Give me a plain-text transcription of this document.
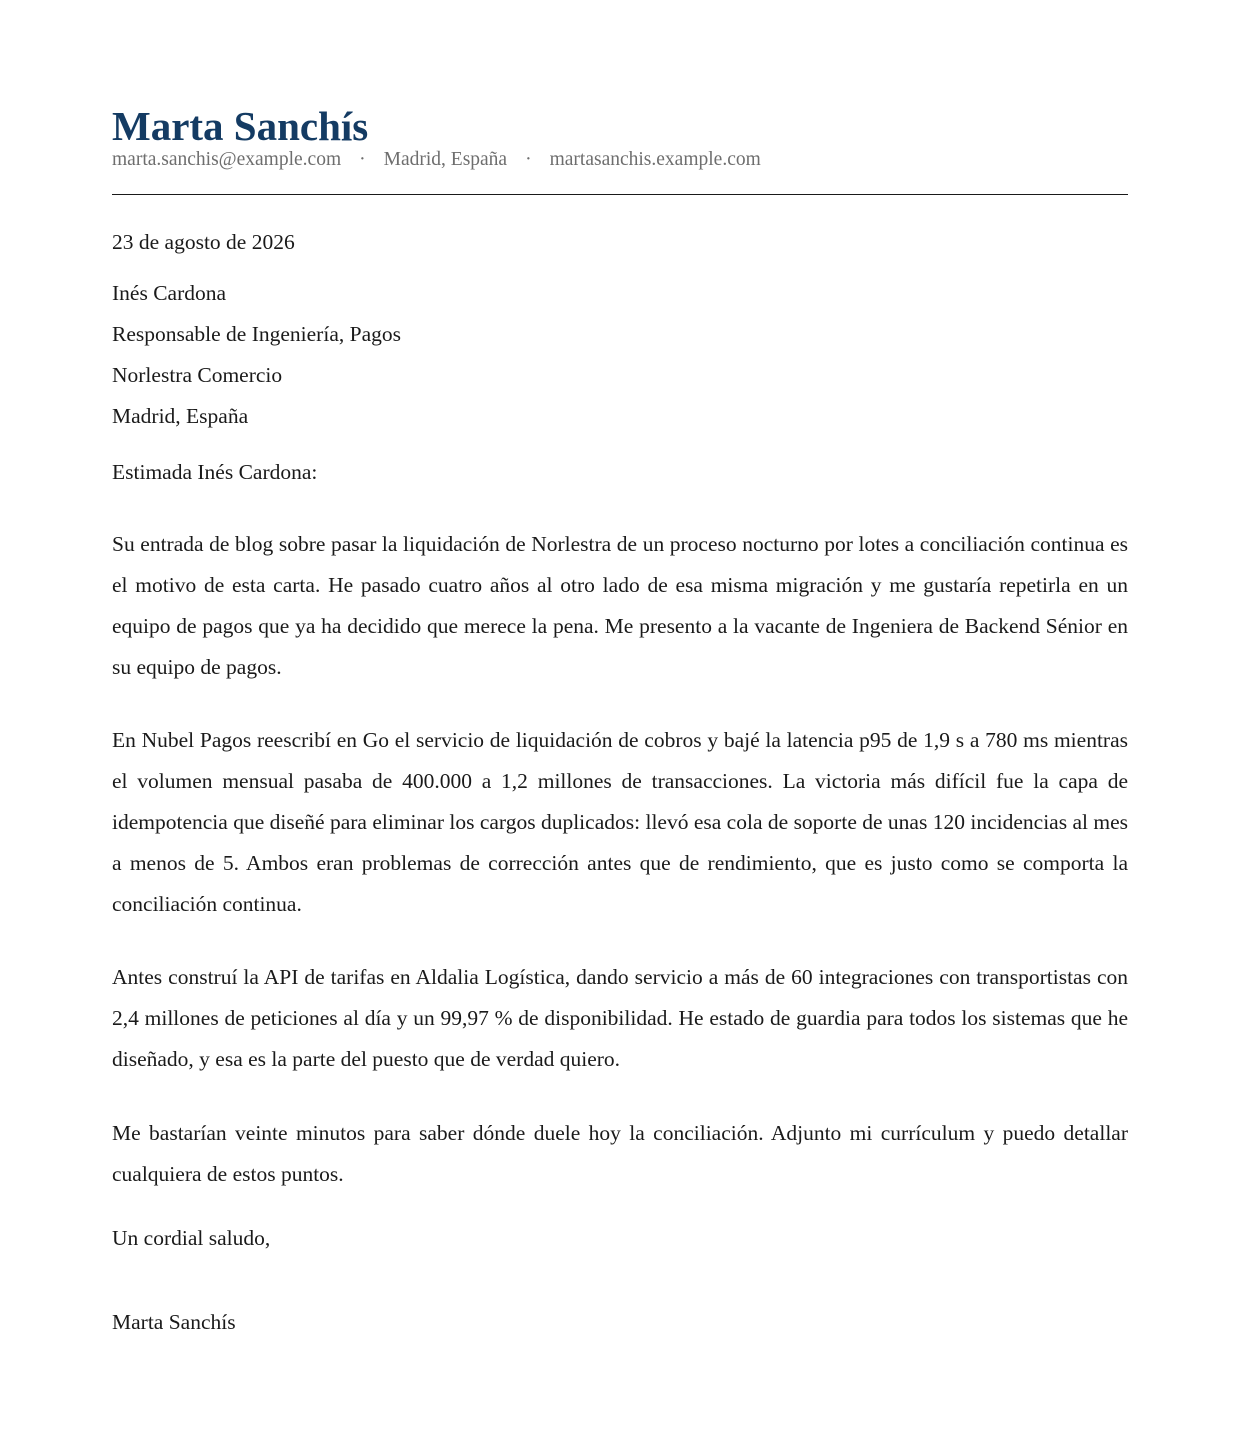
Marta Sanchís
marta.sanchis@example.com · Madrid, España · martasanchis.example.com
23 de agosto de 2026
Inés Cardona
Responsable de Ingeniería, Pagos
Norlestra Comercio
Madrid, España
Estimada Inés Cardona:

Su entrada de blog sobre pasar la liquidación de Norlestra de un proceso nocturno por lotes a conciliación continua es el motivo de esta carta. He pasado cuatro años al otro lado de esa misma migración y me gustaría repetirla en un equipo de pagos que ya ha decidido que merece la pena. Me presento a la vacante de Ingeniera de Backend Sénior en su equipo de pagos.

En Nubel Pagos reescribí en Go el servicio de liquidación de cobros y bajé la latencia p95 de 1,9 s a 780 ms mientras el volumen mensual pasaba de 400.000 a 1,2 millones de transacciones. La victoria más difícil fue la capa de idempotencia que diseñé para eliminar los cargos duplicados: llevó esa cola de soporte de unas 120 incidencias al mes a menos de 5. Ambos eran problemas de corrección antes que de rendimiento, que es justo como se comporta la conciliación continua.

Antes construí la API de tarifas en Aldalia Logística, dando servicio a más de 60 integraciones con transportistas con 2,4 millones de peticiones al día y un 99,97 % de disponibilidad. He estado de guardia para todos los sistemas que he diseñado, y esa es la parte del puesto que de verdad quiero.

Me bastarían veinte minutos para saber dónde duele hoy la conciliación. Adjunto mi currículum y puedo detallar cualquiera de estos puntos.

Un cordial saludo,
Marta Sanchís
